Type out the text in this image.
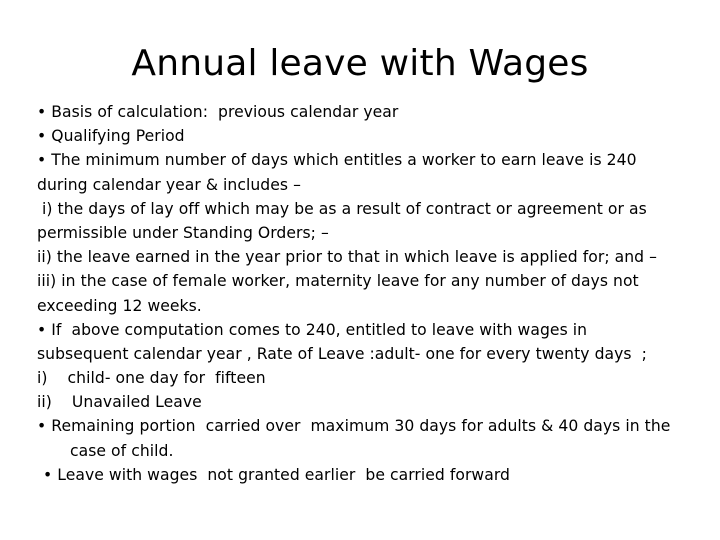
Annual leave with Wages
• Basis of calculation:  previous calendar year
• Qualifying Period
• The minimum number of days which entitles a worker to earn leave is 240
during calendar year & includes –
i) the days of lay off which may be as a result of contract or agreement or as
permissible under Standing Orders; –
ii) the leave earned in the year prior to that in which leave is applied for; and –
iii) in the case of female worker, maternity leave for any number of days not
exceeding 12 weeks.
• If  above computation comes to 240, entitled to leave with wages in
subsequent calendar year , Rate of Leave :adult- one for every twenty days  ;
i)    child- one day for  fifteen
ii)    Unavailed Leave
• Remaining portion  carried over  maximum 30 days for adults & 40 days in the
case of child.
• Leave with wages  not granted earlier  be carried forward
